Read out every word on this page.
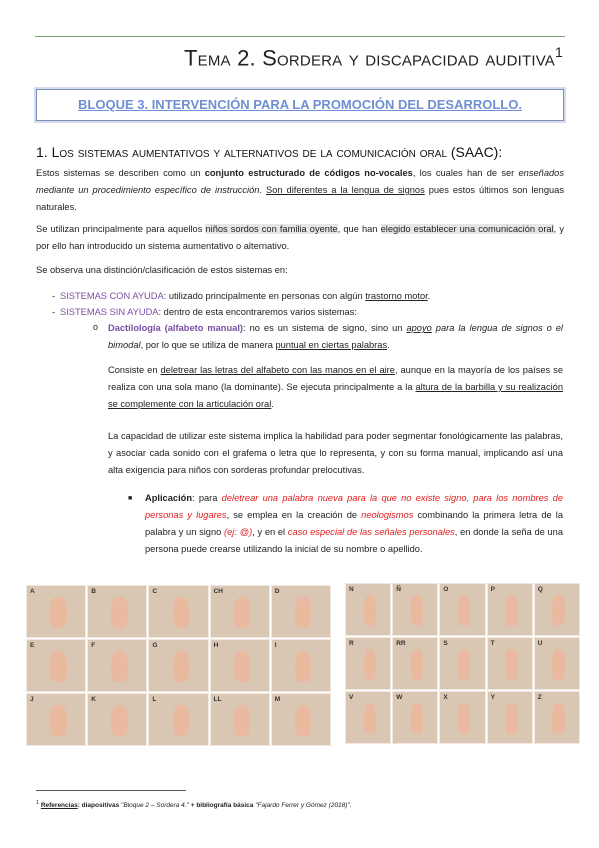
Tema 2. Sordera y discapacidad auditiva$^1$
BLOQUE 3. INTERVENCIÓN PARA LA PROMOCIÓN DEL DESARROLLO.
1. Los sistemas aumentativos y alternativos de la comunicación oral (SAAC):
Estos sistemas se describen como un conjunto estructurado de códigos no-vocales, los cuales han de ser enseñados mediante un procedimiento específico de instrucción. Son diferentes a la lengua de signos pues estos últimos son lenguas naturales.
Se utilizan principalmente para aquellos niños sordos con familia oyente, que han elegido establecer una comunicación oral, y por ello han introducido un sistema aumentativo o alternativo.
Se observa una distinción/clasificación de estos sistemas en:
- SISTEMAS CON AYUDA: utilizado principalmente en personas con algún trastorno motor.
- SISTEMAS SIN AYUDA: dentro de esta encontraremos varios sistemas:
o Dactilología (alfabeto manual): no es un sistema de signo, sino un apoyo para la lengua de signos o el bimodal, por lo que se utiliza de manera puntual en ciertas palabras.
Consiste en deletrear las letras del alfabeto con las manos en el aire, aunque en la mayoría de los países se realiza con una sola mano (la dominante). Se ejecuta principalmente a la altura de la barbilla y su realización se complemente con la articulación oral.
La capacidad de utilizar este sistema implica la habilidad para poder segmentar fonológicamente las palabras, y asociar cada sonido con el grafema o letra que lo representa, y con su forma manual, implicando así una alta exigencia para niños con sorderas profundar prelocutivas.
■ Aplicación: para deletrear una palabra nueva para la que no existe signo, para los nombres de personas y lugares, se emplea en la creación de neologismos combinando la primera letra de la palabra y un signo (ej: @), y en el caso especial de las señales personales, en donde la seña de una persona puede crearse utilizando la inicial de su nombre o apellido.
A	B	C	CH	D
E	F	G	H	I
J	K	L	LL	M
N	Ñ	O	P	Q
R	RR	S	T	U
V	W	X	Y	Z
$^1$ Referencias: diapositivas "Bloque 2 – Sordera 4." + bibliografía básica "Fajardo Ferrer y Gómez (2018)".
